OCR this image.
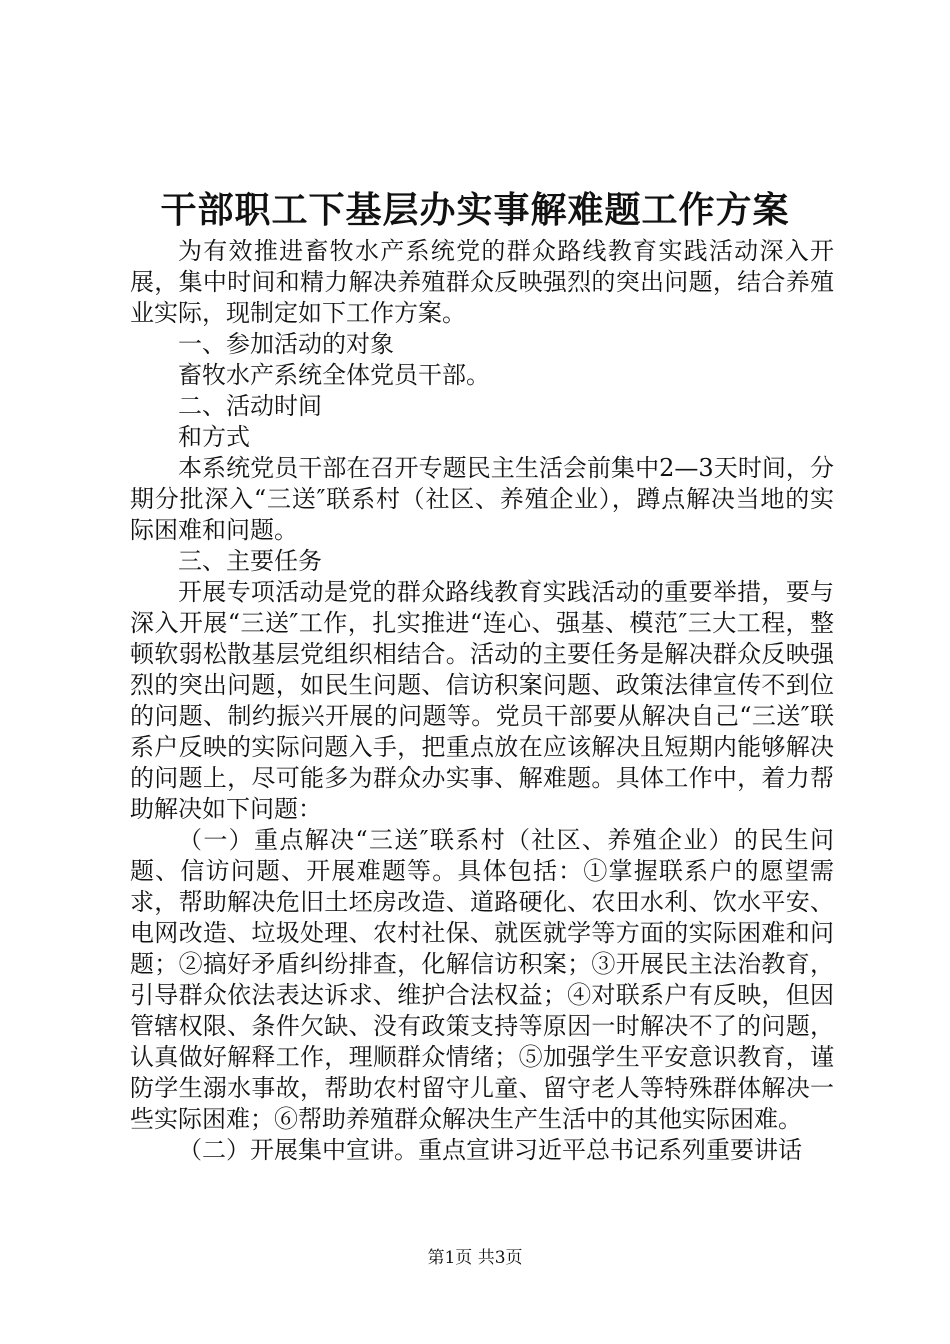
干部职工下基层办实事解难题工作方案

为有效推进畜牧水产系统党的群众路线教育实践活动深入开展，集中时间和精力解决养殖群众反映强烈的突出问题，结合养殖业实际，现制定如下工作方案。

一、参加活动的对象

畜牧水产系统全体党员干部。

二、活动时间

和方式

本系统党员干部在召开专题民主生活会前集中2—3天时间，分期分批深入“三送″联系村（社区、养殖企业），蹲点解决当地的实际困难和问题。

三、主要任务

开展专项活动是党的群众路线教育实践活动的重要举措，要与深入开展“三送″工作，扎实推进“连心、强基、模范″三大工程，整顿软弱松散基层党组织相结合。活动的主要任务是解决群众反映强烈的突出问题，如民生问题、信访积案问题、政策法律宣传不到位的问题、制约振兴开展的问题等。党员干部要从解决自己“三送″联系户反映的实际问题入手，把重点放在应该解决且短期内能够解决的问题上，尽可能多为群众办实事、解难题。具体工作中，着力帮助解决如下问题：

（一）重点解决“三送″联系村（社区、养殖企业）的民生问题、信访问题、开展难题等。具体包括：①掌握联系户的愿望需求，帮助解决危旧土坯房改造、道路硬化、农田水利、饮水平安、电网改造、垃圾处理、农村社保、就医就学等方面的实际困难和问题；②搞好矛盾纠纷排查，化解信访积案；③开展民主法治教育，引导群众依法表达诉求、维护合法权益；④对联系户有反映，但因管辖权限、条件欠缺、没有政策支持等原因一时解决不了的问题，认真做好解释工作，理顺群众情绪；⑤加强学生平安意识教育，谨防学生溺水事故，帮助农村留守儿童、留守老人等特殊群体解决一些实际困难；⑥帮助养殖群众解决生产生活中的其他实际困难。

（二）开展集中宣讲。重点宣讲习近平总书记系列重要讲话

第1页 共3页
